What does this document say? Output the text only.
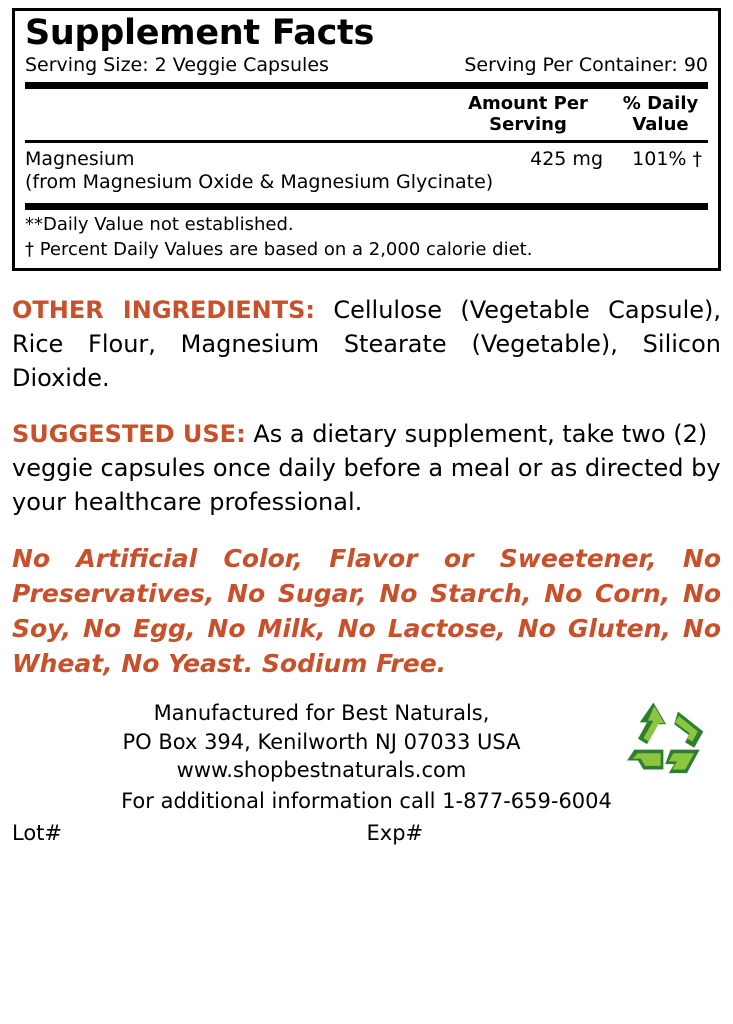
Supplement Facts
Serving Size: 2 Veggie Capsules	Serving Per Container: 90
Amount Per
Serving
% Daily
Value
Magnesium	425 mg	101% †
(from Magnesium Oxide & Magnesium Glycinate)
**Daily Value not established.
† Percent Daily Values are based on a 2,000 calorie diet.
OTHER INGREDIENTS: Cellulose (Vegetable Capsule), Rice Flour, Magnesium Stearate (Vegetable), Silicon Dioxide.
SUGGESTED USE: As a dietary supplement, take two (2) veggie capsules once daily before a meal or as directed by your healthcare professional.
No Artificial Color, Flavor or Sweetener, No Preservatives, No Sugar, No Starch, No Corn, No Soy, No Egg, No Milk, No Lactose, No Gluten, No Wheat, No Yeast. Sodium Free.
Manufactured for Best Naturals,
PO Box 394, Kenilworth NJ 07033 USA
www.shopbestnaturals.com
For additional information call 1-877-659-6004
Lot#	Exp#
